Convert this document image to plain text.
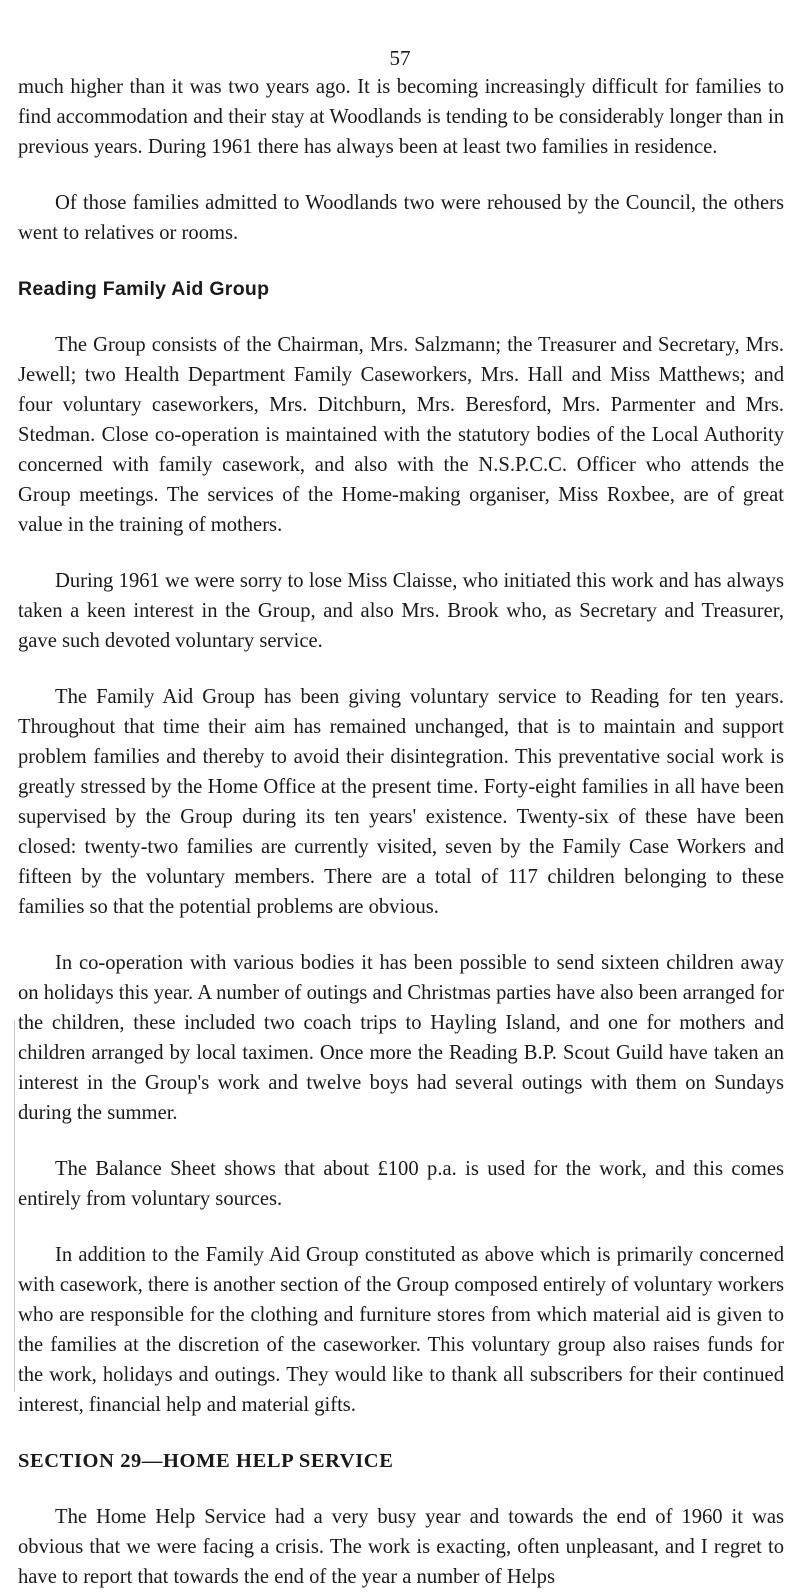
57

much higher than it was two years ago. It is becoming increasingly difficult for families to find accommodation and their stay at Woodlands is tending to be considerably longer than in previous years. During 1961 there has always been at least two families in residence.

Of those families admitted to Woodlands two were rehoused by the Council, the others went to relatives or rooms.

Reading Family Aid Group

The Group consists of the Chairman, Mrs. Salzmann; the Treasurer and Secretary, Mrs. Jewell; two Health Department Family Caseworkers, Mrs. Hall and Miss Matthews; and four voluntary caseworkers, Mrs. Ditchburn, Mrs. Beresford, Mrs. Parmenter and Mrs. Stedman. Close co-operation is maintained with the statutory bodies of the Local Authority concerned with family casework, and also with the N.S.P.C.C. Officer who attends the Group meetings. The services of the Home-making organiser, Miss Roxbee, are of great value in the training of mothers.

During 1961 we were sorry to lose Miss Claisse, who initiated this work and has always taken a keen interest in the Group, and also Mrs. Brook who, as Secretary and Treasurer, gave such devoted voluntary service.

The Family Aid Group has been giving voluntary service to Reading for ten years. Throughout that time their aim has remained unchanged, that is to maintain and support problem families and thereby to avoid their disintegration. This preventative social work is greatly stressed by the Home Office at the present time. Forty-eight families in all have been supervised by the Group during its ten years' existence. Twenty-six of these have been closed: twenty-two families are currently visited, seven by the Family Case Workers and fifteen by the voluntary members. There are a total of 117 children belonging to these families so that the potential problems are obvious.

In co-operation with various bodies it has been possible to send sixteen children away on holidays this year. A number of outings and Christmas parties have also been arranged for the children, these included two coach trips to Hayling Island, and one for mothers and children arranged by local taximen. Once more the Reading B.P. Scout Guild have taken an interest in the Group's work and twelve boys had several outings with them on Sundays during the summer.

The Balance Sheet shows that about £100 p.a. is used for the work, and this comes entirely from voluntary sources.

In addition to the Family Aid Group constituted as above which is primarily concerned with casework, there is another section of the Group composed entirely of voluntary workers who are responsible for the clothing and furniture stores from which material aid is given to the families at the discretion of the caseworker. This voluntary group also raises funds for the work, holidays and outings. They would like to thank all subscribers for their continued interest, financial help and material gifts.

SECTION 29—HOME HELP SERVICE

The Home Help Service had a very busy year and towards the end of 1960 it was obvious that we were facing a crisis. The work is exacting, often unpleasant, and I regret to have to report that towards the end of the year a number of Helps
